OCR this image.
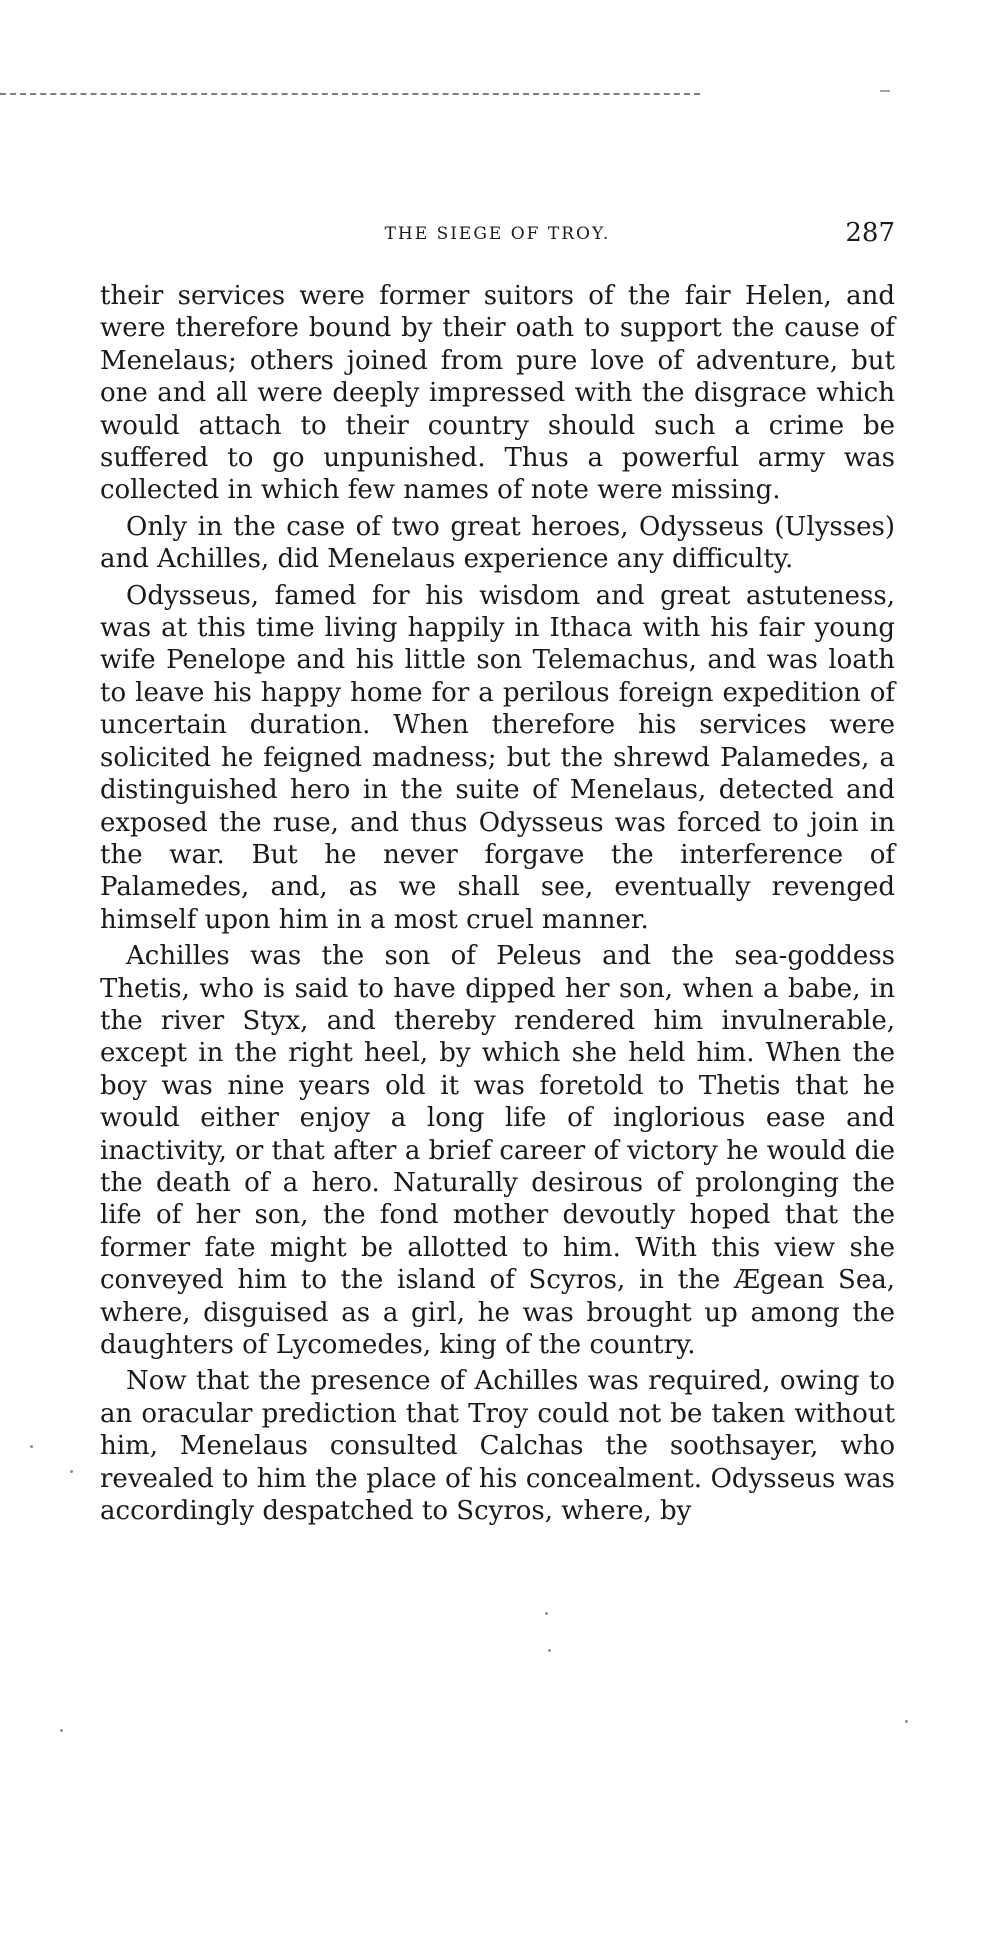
THE SIEGE OF TROY.	287

their services were former suitors of the fair Helen, and were therefore bound by their oath to support the cause of Menelaus; others joined from pure love of adventure, but one and all were deeply impressed with the disgrace which would attach to their country should such a crime be suffered to go unpunished. Thus a powerful army was collected in which few names of note were missing.

Only in the case of two great heroes, Odysseus (Ulysses) and Achilles, did Menelaus experience any difficulty.

Odysseus, famed for his wisdom and great astuteness, was at this time living happily in Ithaca with his fair young wife Penelope and his little son Telemachus, and was loath to leave his happy home for a perilous foreign expedition of uncertain duration. When therefore his services were solicited he feigned madness; but the shrewd Palamedes, a distinguished hero in the suite of Menelaus, detected and exposed the ruse, and thus Odysseus was forced to join in the war. But he never forgave the interference of Palamedes, and, as we shall see, eventually revenged himself upon him in a most cruel manner.

Achilles was the son of Peleus and the sea-goddess Thetis, who is said to have dipped her son, when a babe, in the river Styx, and thereby rendered him invulnerable, except in the right heel, by which she held him. When the boy was nine years old it was foretold to Thetis that he would either enjoy a long life of inglorious ease and inactivity, or that after a brief career of victory he would die the death of a hero. Naturally desirous of prolonging the life of her son, the fond mother devoutly hoped that the former fate might be allotted to him. With this view she conveyed him to the island of Scyros, in the Ægean Sea, where, disguised as a girl, he was brought up among the daughters of Lycomedes, king of the country.

Now that the presence of Achilles was required, owing to an oracular prediction that Troy could not be taken without him, Menelaus consulted Calchas the soothsayer, who revealed to him the place of his concealment. Odysseus was accordingly despatched to Scyros, where, by
